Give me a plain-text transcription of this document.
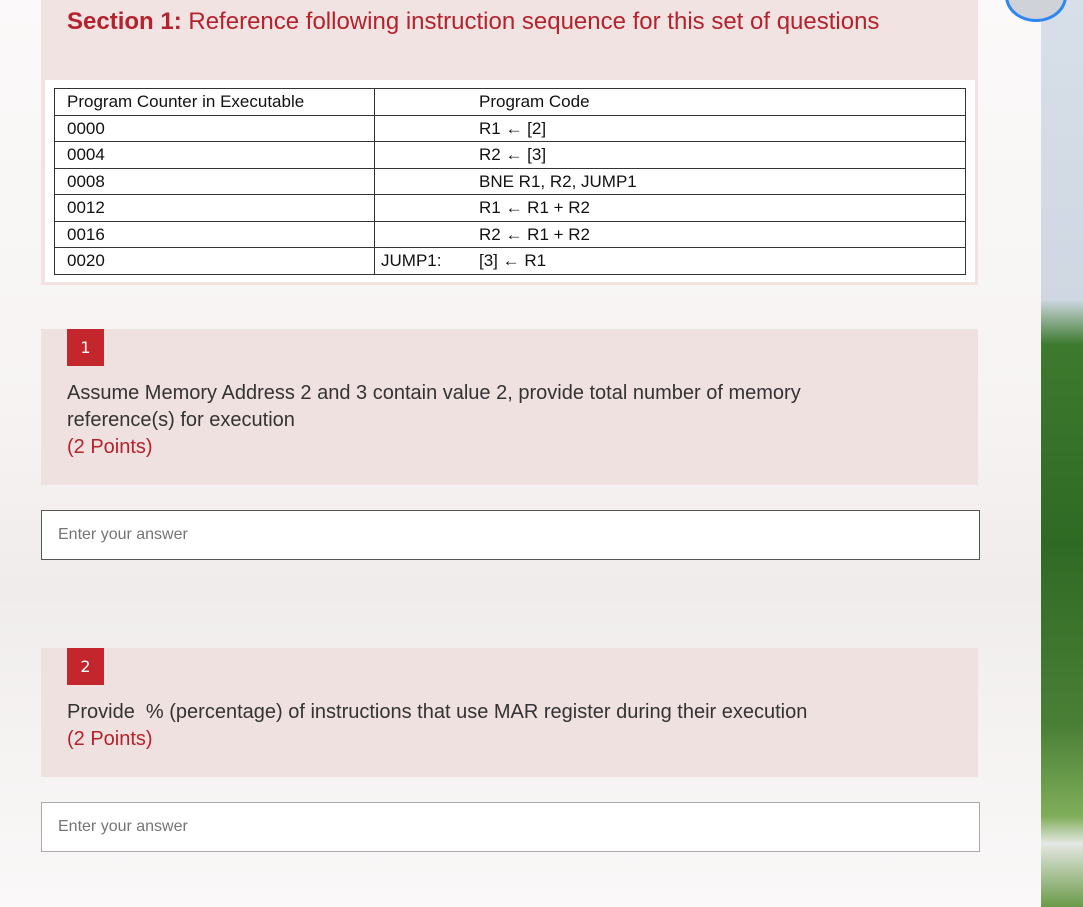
Section 1: Reference following instruction sequence for this set of questions
Program Counter in Executable	Program Code
0000	R1 ← [2]
0004	R2 ← [3]
0008	BNE R1, R2, JUMP1
0012	R1 ← R1 + R2
0016	R2 ← R1 + R2
0020	JUMP1: [3] ← R1
1
Assume Memory Address 2 and 3 contain value 2, provide total number of memory reference(s) for execution
(2 Points)
Enter your answer
2
Provide  % (percentage) of instructions that use MAR register during their execution
(2 Points)
Enter your answer
